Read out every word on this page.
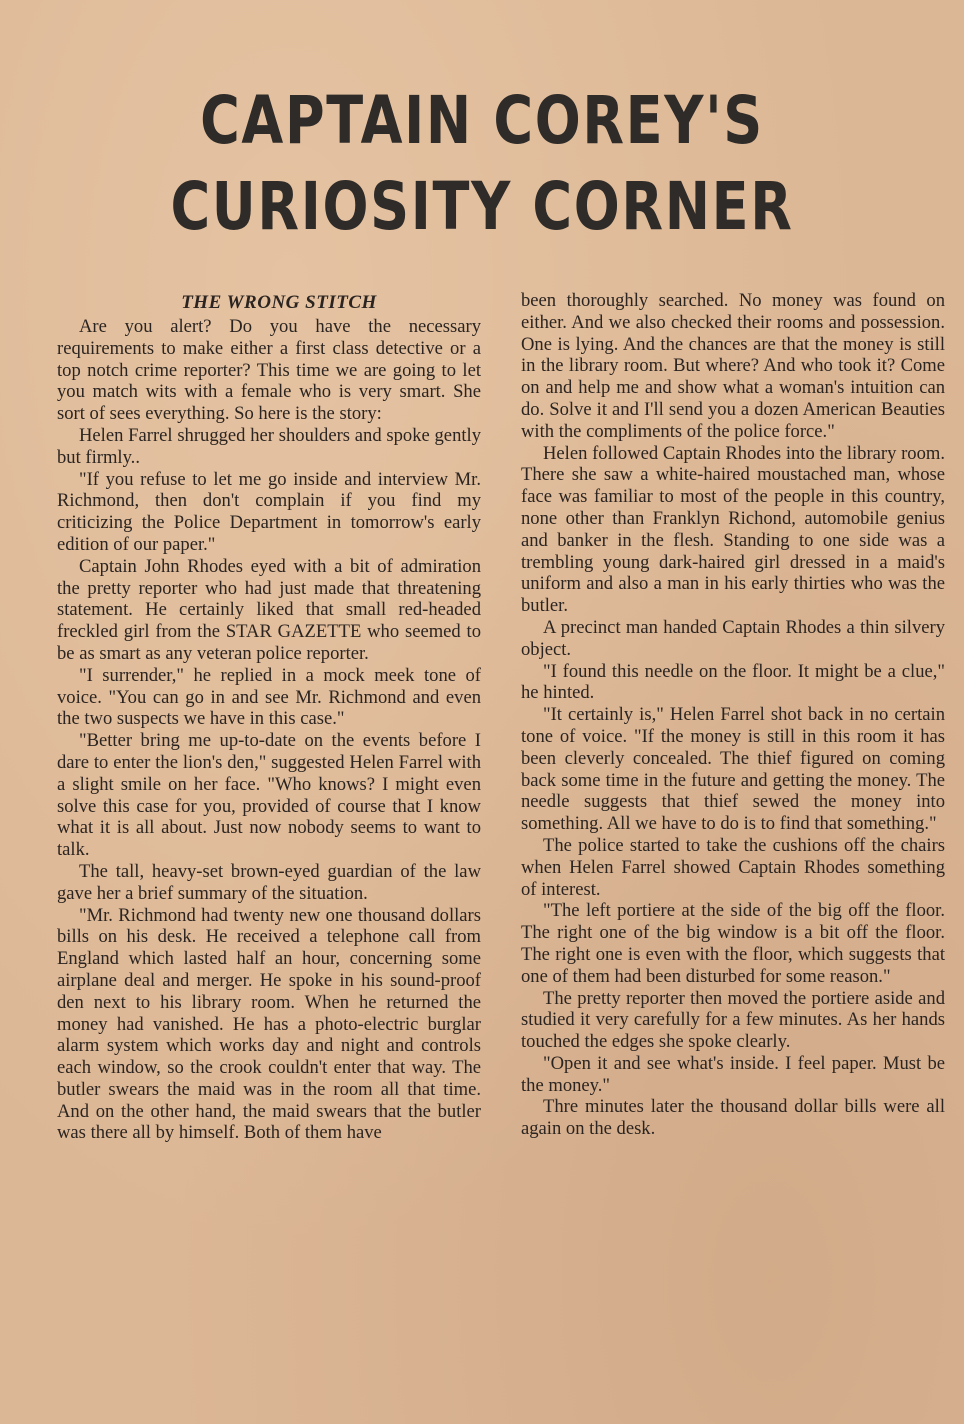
CAPTAIN COREY'S
CURIOSITY CORNER
THE WRONG STITCH

Are you alert? Do you have the necessary requirements to make either a first class detective or a top notch crime reporter? This time we are going to let you match wits with a female who is very smart. She sort of sees everything. So here is the story:

Helen Farrel shrugged her shoulders and spoke gently but firmly..

"If you refuse to let me go inside and interview Mr. Richmond, then don't complain if you find my criticizing the Police Department in tomorrow's early edition of our paper."

Captain John Rhodes eyed with a bit of admiration the pretty reporter who had just made that threatening statement. He certainly liked that small red-headed freckled girl from the STAR GAZETTE who seemed to be as smart as any veteran police reporter.

"I surrender," he replied in a mock meek tone of voice. "You can go in and see Mr. Richmond and even the two suspects we have in this case."

"Better bring me up-to-date on the events before I dare to enter the lion's den," suggested Helen Farrel with a slight smile on her face. "Who knows? I might even solve this case for you, provided of course that I know what it is all about. Just now nobody seems to want to talk.

The tall, heavy-set brown-eyed guardian of the law gave her a brief summary of the situation.

"Mr. Richmond had twenty new one thousand dollars bills on his desk. He received a telephone call from England which lasted half an hour, concerning some airplane deal and merger. He spoke in his sound-proof den next to his library room. When he returned the money had vanished. He has a photo-electric burglar alarm system which works day and night and controls each window, so the crook couldn't enter that way. The butler swears the maid was in the room all that time. And on the other hand, the maid swears that the butler was there all by himself. Both of them have

been thoroughly searched. No money was found on either. And we also checked their rooms and possession. One is lying. And the chances are that the money is still in the library room. But where? And who took it? Come on and help me and show what a woman's intuition can do. Solve it and I'll send you a dozen American Beauties with the compliments of the police force."

Helen followed Captain Rhodes into the library room. There she saw a white-haired moustached man, whose face was familiar to most of the people in this country, none other than Franklyn Richond, automobile genius and banker in the flesh. Standing to one side was a trembling young dark-haired girl dressed in a maid's uniform and also a man in his early thirties who was the butler.

A precinct man handed Captain Rhodes a thin silvery object.

"I found this needle on the floor. It might be a clue," he hinted.

"It certainly is," Helen Farrel shot back in no certain tone of voice. "If the money is still in this room it has been cleverly concealed. The thief figured on coming back some time in the future and getting the money. The needle suggests that thief sewed the money into something. All we have to do is to find that something."

The police started to take the cushions off the chairs when Helen Farrel showed Captain Rhodes something of interest.

"The left portiere at the side of the big off the floor. The right one of the big window is a bit off the floor. The right one is even with the floor, which suggests that one of them had been disturbed for some reason."

The pretty reporter then moved the portiere aside and studied it very carefully for a few minutes. As her hands touched the edges she spoke clearly.

"Open it and see what's inside. I feel paper. Must be the money."

Thre minutes later the thousand dollar bills were all again on the desk.
